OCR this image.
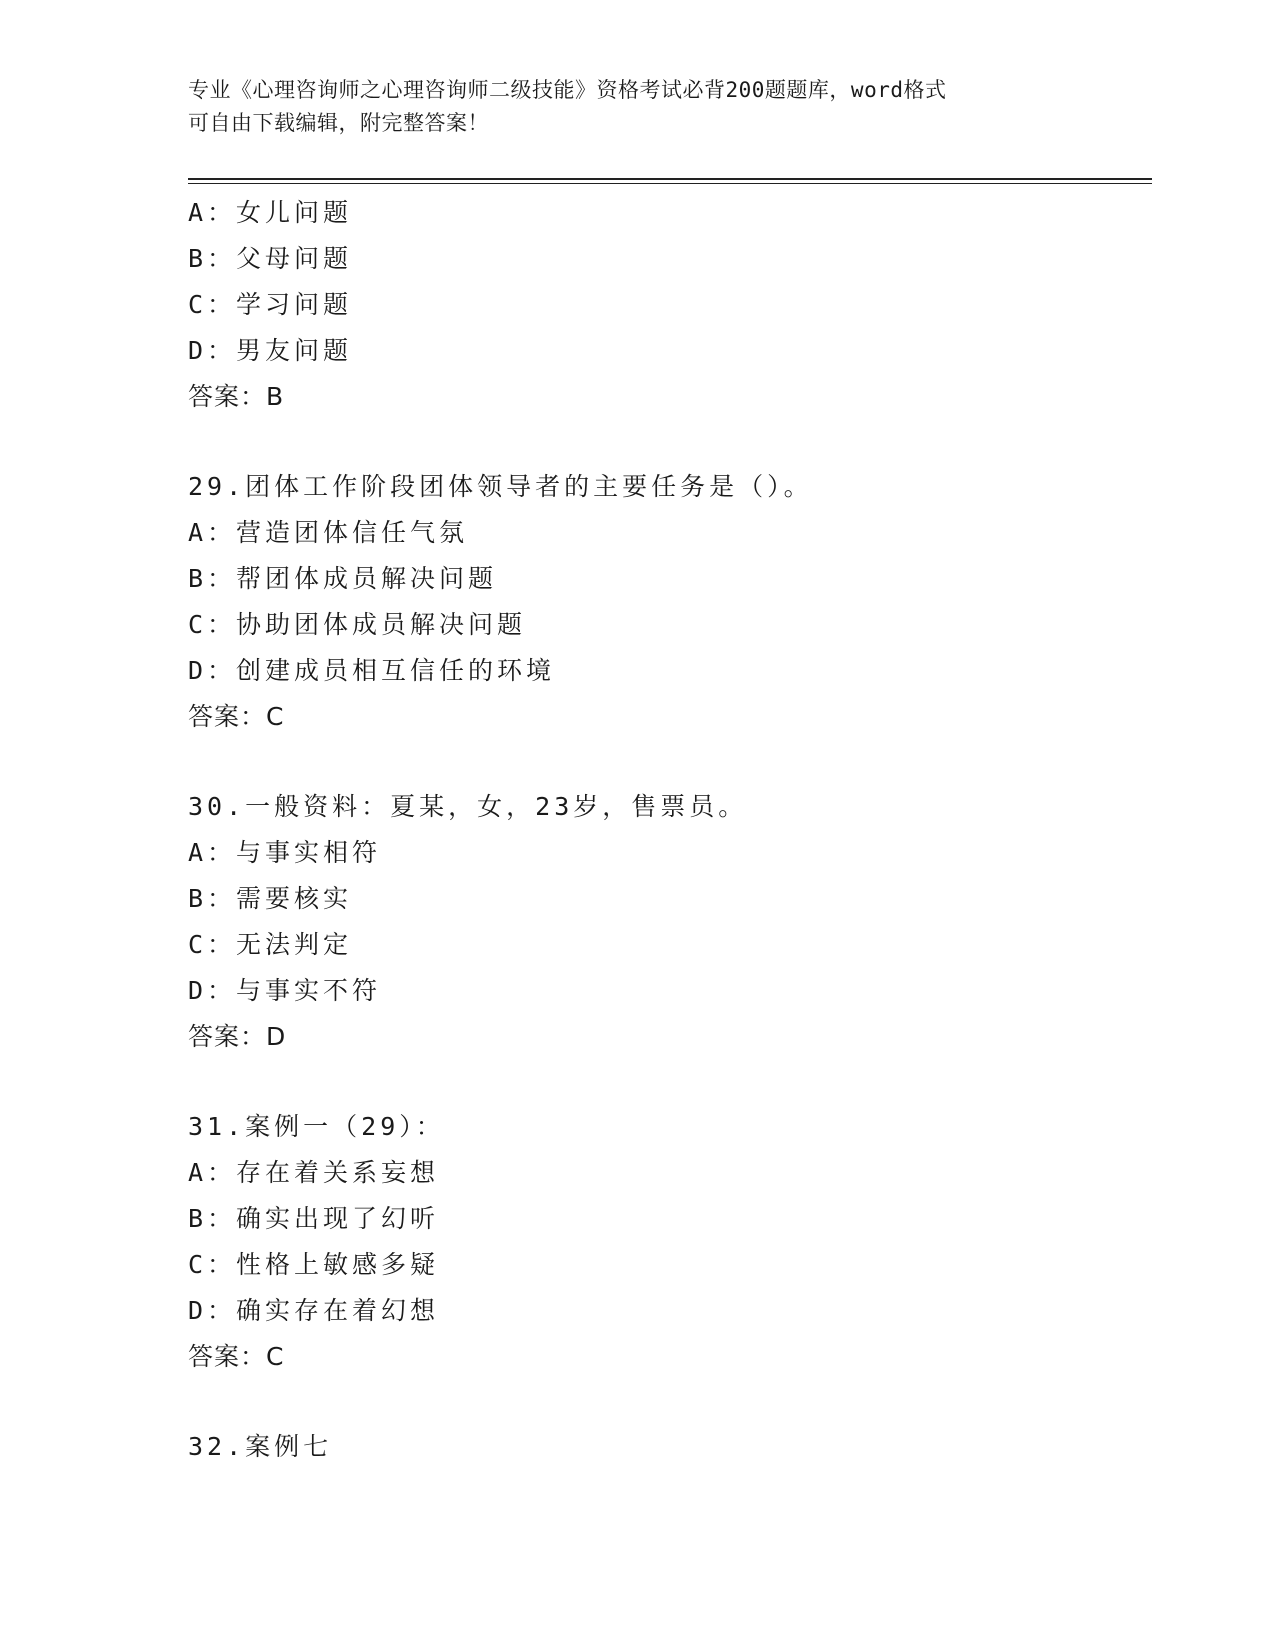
专业《心理咨询师之心理咨询师二级技能》资格考试必背200题题库，word格式
可自由下载编辑，附完整答案！
A：女儿问题
B：父母问题
C：学习问题
D：男友问题
答案：B
29.团体工作阶段团体领导者的主要任务是（）。
A：营造团体信任气氛
B：帮团体成员解决问题
C：协助团体成员解决问题
D：创建成员相互信任的环境
答案：C
30.一般资料：夏某，女，23岁，售票员。
A：与事实相符
B：需要核实
C：无法判定
D：与事实不符
答案：D
31.案例一（29）：
A：存在着关系妄想
B：确实出现了幻听
C：性格上敏感多疑
D：确实存在着幻想
答案：C
32.案例七
